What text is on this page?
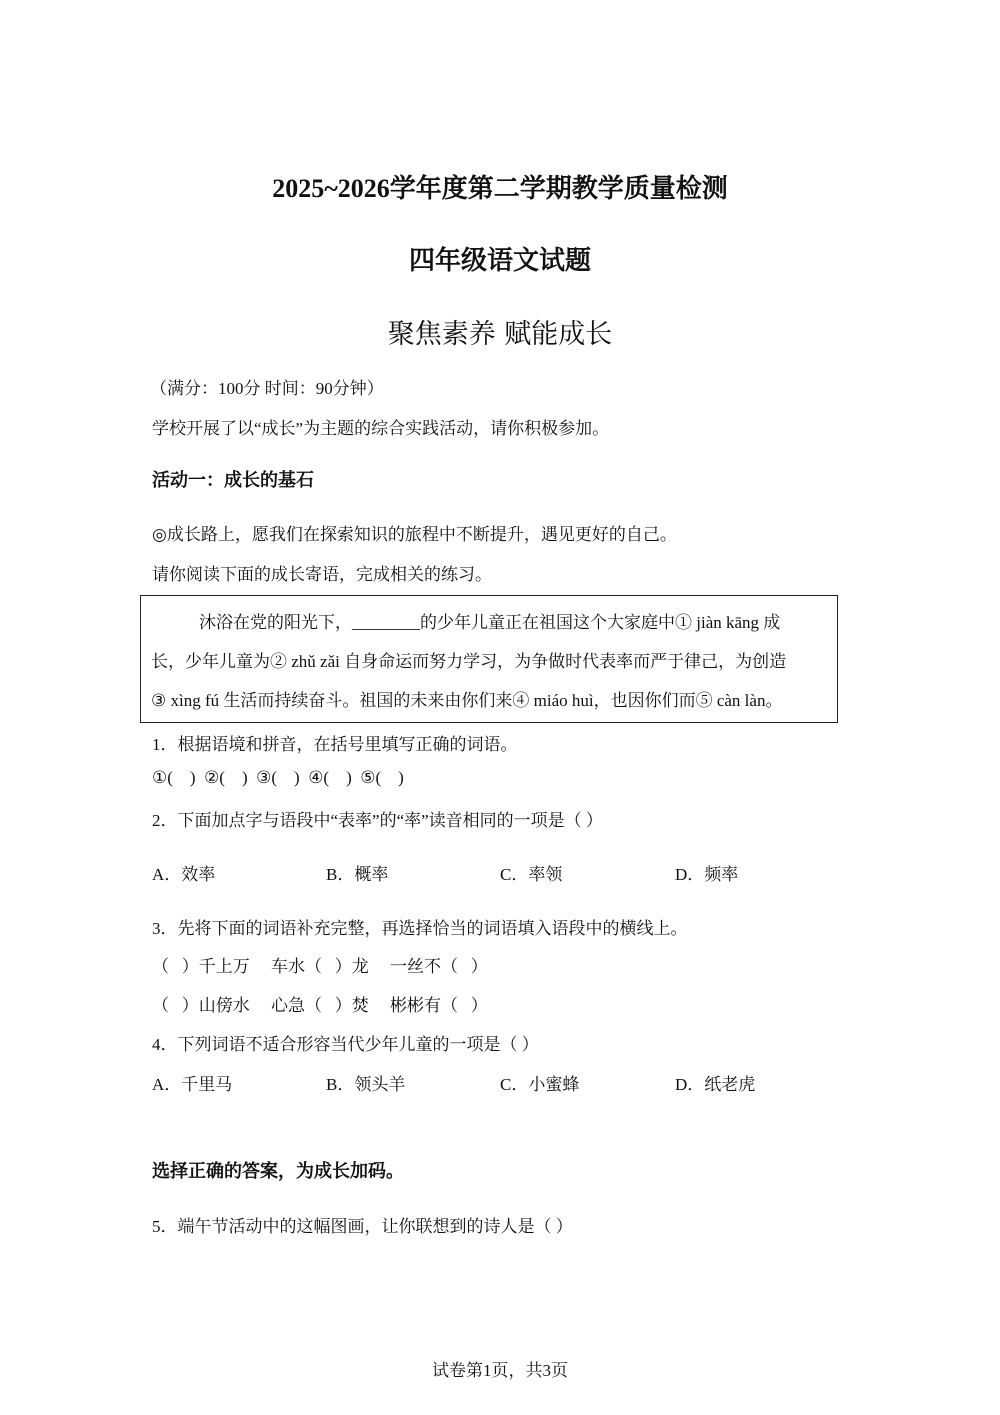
2025~2026学年度第二学期教学质量检测
四年级语文试题
聚焦素养 赋能成长
（满分：100分 时间：90分钟）
学校开展了以“成长”为主题的综合实践活动，请你积极参加。
活动一：成长的基石
◎成长路上，愿我们在探索知识的旅程中不断提升，遇见更好的自己。
请你阅读下面的成长寄语，完成相关的练习。
沐浴在党的阳光下，________的少年儿童正在祖国这个大家庭中① jiàn kāng 成
长，少年儿童为② zhǔ zǎi 自身命运而努力学习，为争做时代表率而严于律己，为创造
③ xìng fú 生活而持续奋斗。祖国的未来由你们来④ miáo huì，也因你们而⑤ càn làn。
1．根据语境和拼音，在括号里填写正确的词语。
①(    )  ②(    )  ③(    )  ④(    )  ⑤(    )
2．下面加点字与语段中“表率”的“率”读音相同的一项是（ ）
A．效率	B．概率	C．率领	D．频率
3．先将下面的词语补充完整，再选择恰当的词语填入语段中的横线上。
（   ）千上万     车水（   ）龙     一丝不（   ）
（   ）山傍水     心急（   ）焚     彬彬有（   ）
4．下列词语不适合形容当代少年儿童的一项是（ ）
A．千里马	B．领头羊	C．小蜜蜂	D．纸老虎
选择正确的答案，为成长加码。
5．端午节活动中的这幅图画，让你联想到的诗人是（ ）
试卷第1页，共3页
